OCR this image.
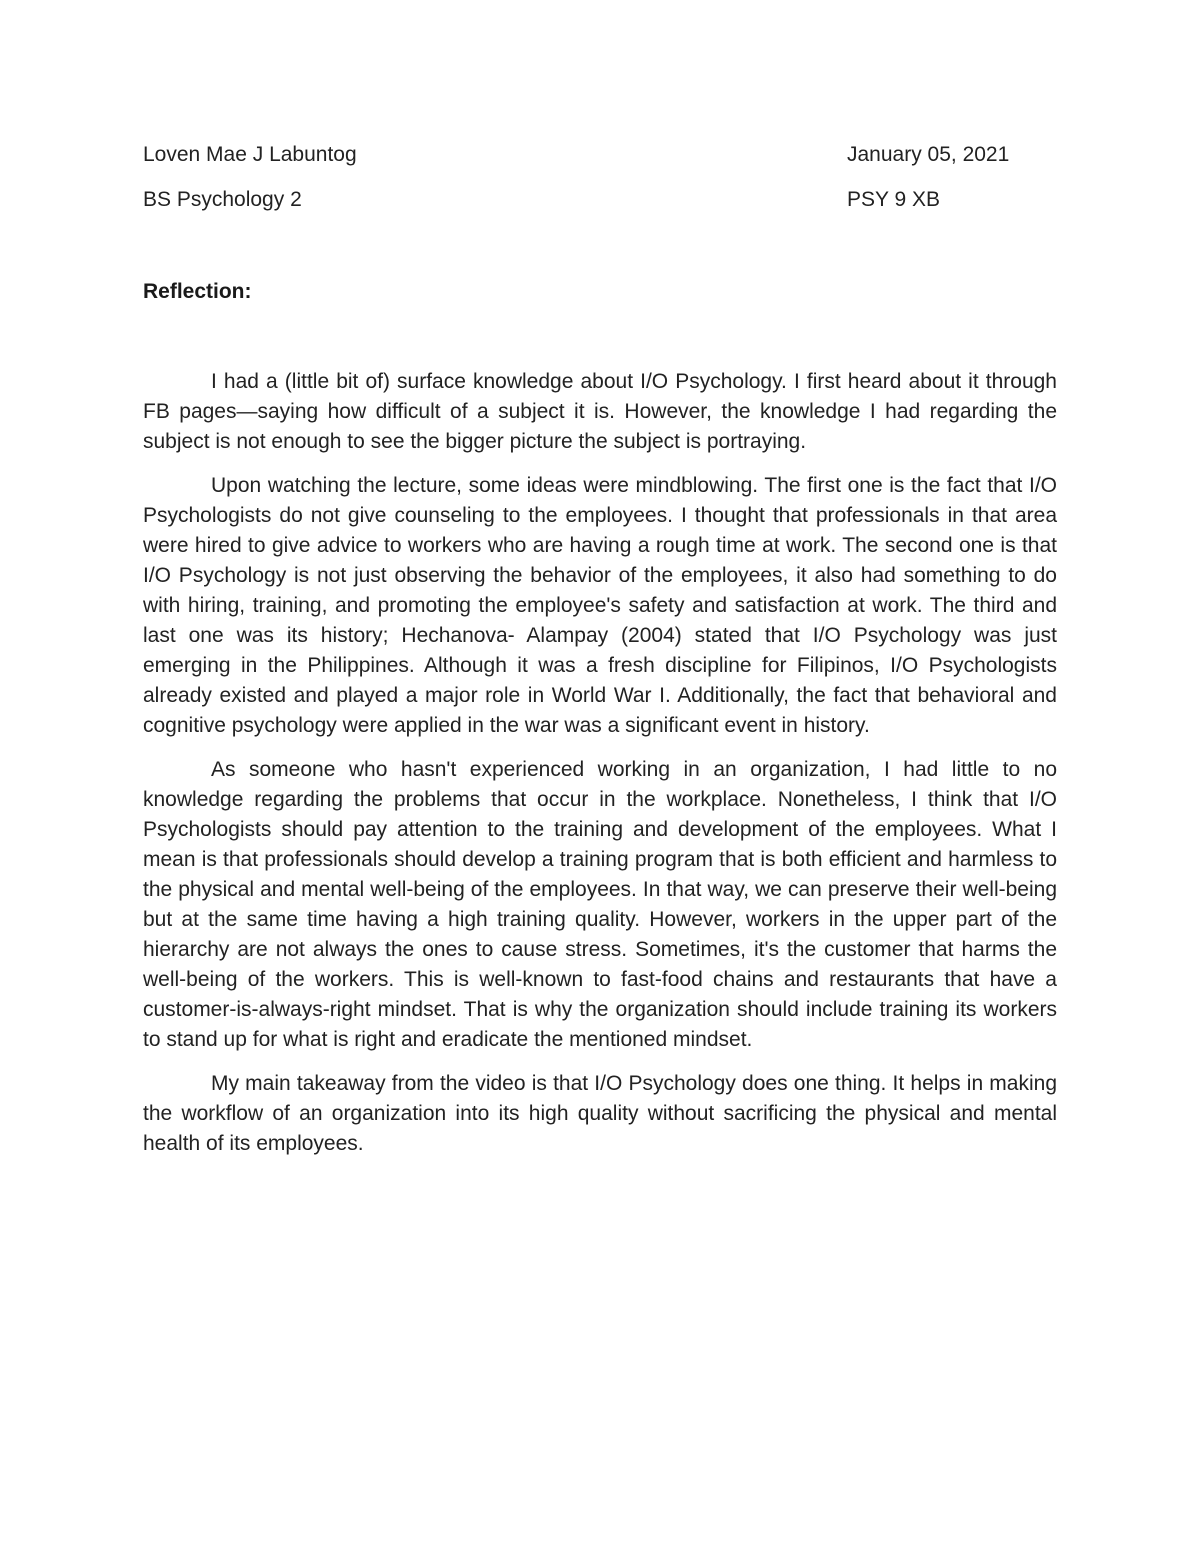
Loven Mae J Labuntog	January 05, 2021
BS Psychology 2	PSY 9 XB
Reflection:

I had a (little bit of) surface knowledge about I/O Psychology. I first heard about it through FB pages—saying how difficult of a subject it is. However, the knowledge I had regarding the subject is not enough to see the bigger picture the subject is portraying.

Upon watching the lecture, some ideas were mindblowing. The first one is the fact that I/O Psychologists do not give counseling to the employees. I thought that professionals in that area were hired to give advice to workers who are having a rough time at work. The second one is that I/O Psychology is not just observing the behavior of the employees, it also had something to do with hiring, training, and promoting the employee's safety and satisfaction at work. The third and last one was its history; Hechanova- Alampay (2004) stated that I/O Psychology was just emerging in the Philippines. Although it was a fresh discipline for Filipinos, I/O Psychologists already existed and played a major role in World War I. Additionally, the fact that behavioral and cognitive psychology were applied in the war was a significant event in history.

As someone who hasn't experienced working in an organization, I had little to no knowledge regarding the problems that occur in the workplace. Nonetheless, I think that I/O Psychologists should pay attention to the training and development of the employees. What I mean is that professionals should develop a training program that is both efficient and harmless to the physical and mental well-being of the employees. In that way, we can preserve their well-being but at the same time having a high training quality. However, workers in the upper part of the hierarchy are not always the ones to cause stress. Sometimes, it's the customer that harms the well-being of the workers. This is well-known to fast-food chains and restaurants that have a customer-is-always-right mindset. That is why the organization should include training its workers to stand up for what is right and eradicate the mentioned mindset.

My main takeaway from the video is that I/O Psychology does one thing. It helps in making the workflow of an organization into its high quality without sacrificing the physical and mental health of its employees.
